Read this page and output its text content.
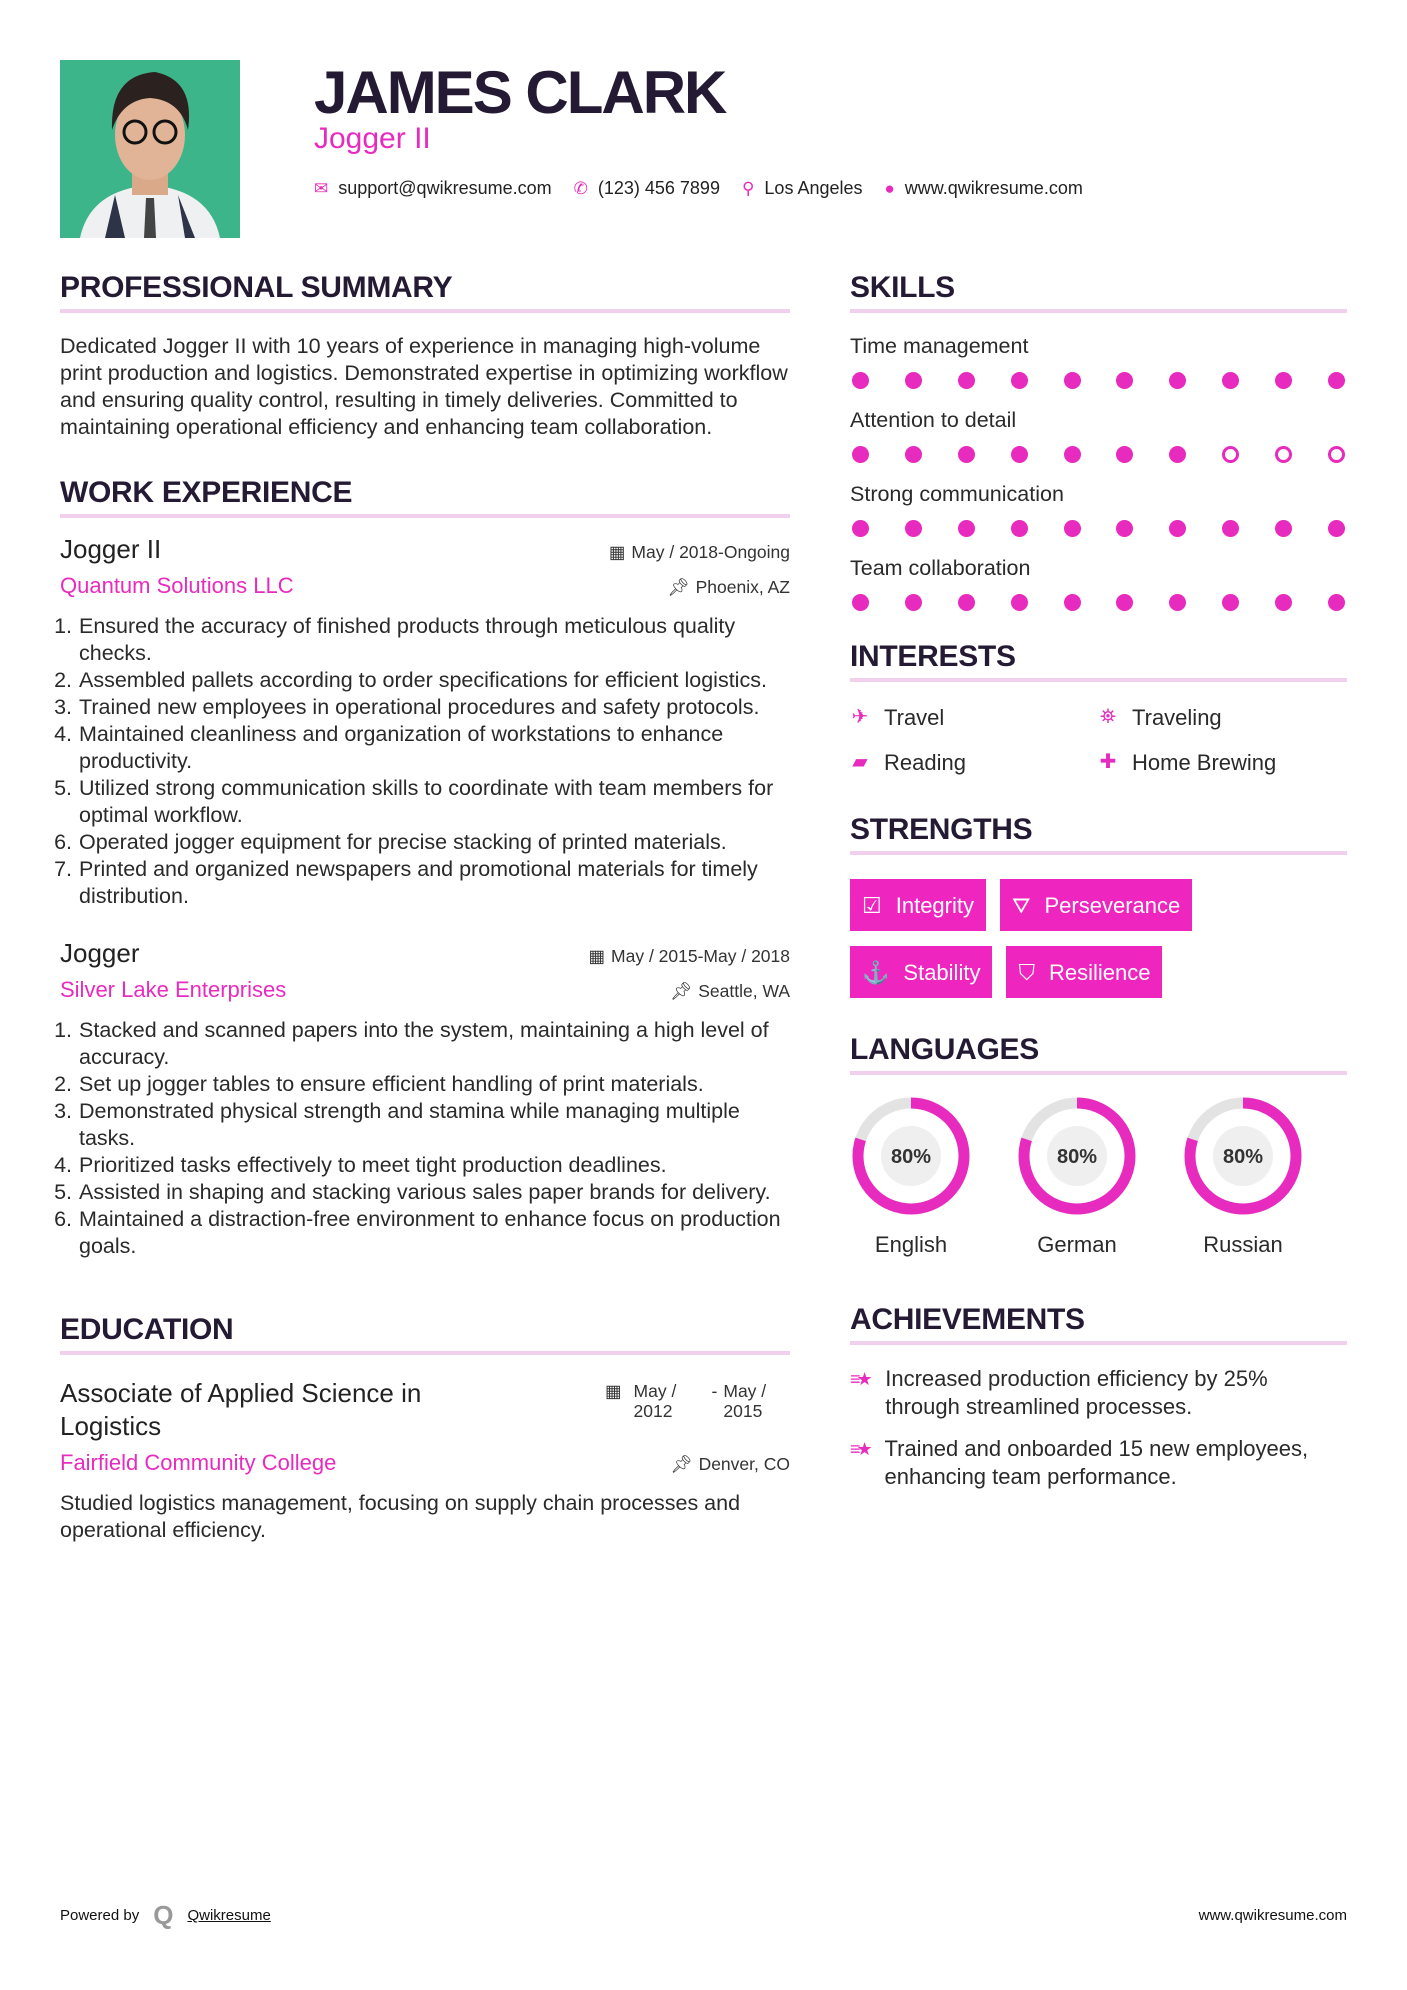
JAMES CLARK
Jogger II
✉ support@qwikresume.com ✆ (123) 456 7899 ⚲ Los Angeles ● www.qwikresume.com
PROFESSIONAL SUMMARY

Dedicated Jogger II with 10 years of experience in managing high-volume print production and logistics. Demonstrated expertise in optimizing workflow and ensuring quality control, resulting in timely deliveries. Committed to maintaining operational efficiency and enhancing team collaboration.

WORK EXPERIENCE
Jogger II	▦ May / 2018-Ongoing
Quantum Solutions LLC	📌︎ Phoenix, AZ
1. Ensured the accuracy of finished products through meticulous quality checks.
2. Assembled pallets according to order specifications for efficient logistics.
3. Trained new employees in operational procedures and safety protocols.
4. Maintained cleanliness and organization of workstations to enhance productivity.
5. Utilized strong communication skills to coordinate with team members for optimal workflow.
6. Operated jogger equipment for precise stacking of printed materials.
7. Printed and organized newspapers and promotional materials for timely distribution.
Jogger	▦ May / 2015-May / 2018
Silver Lake Enterprises	📌︎ Seattle, WA
1. Stacked and scanned papers into the system, maintaining a high level of accuracy.
2. Set up jogger tables to ensure efficient handling of print materials.
3. Demonstrated physical strength and stamina while managing multiple tasks.
4. Prioritized tasks effectively to meet tight production deadlines.
5. Assisted in shaping and stacking various sales paper brands for delivery.
6. Maintained a distraction-free environment to enhance focus on production goals.
EDUCATION
Associate of Applied Science in Logistics
▦ May / 2012
- May / 2015
Fairfield Community College	📌︎ Denver, CO

Studied logistics management, focusing on supply chain processes and operational efficiency.

SKILLS
Time management
Attention to detail
Strong communication
Team collaboration
INTERESTS
✈ Travel	⛯ Traveling
▰ Reading	✚ Home Brewing
STRENGTHS
☑ Integrity ⛛ Perseverance
⚓ Stability ⛉ Resilience
LANGUAGES
80%
English
80%
German
80%
Russian
ACHIEVEMENTS
≡★ Increased production efficiency by 25% through streamlined processes.
≡★ Trained and onboarded 15 new employees, enhancing team performance.
Powered by Q Qwikresume	www.qwikresume.com
